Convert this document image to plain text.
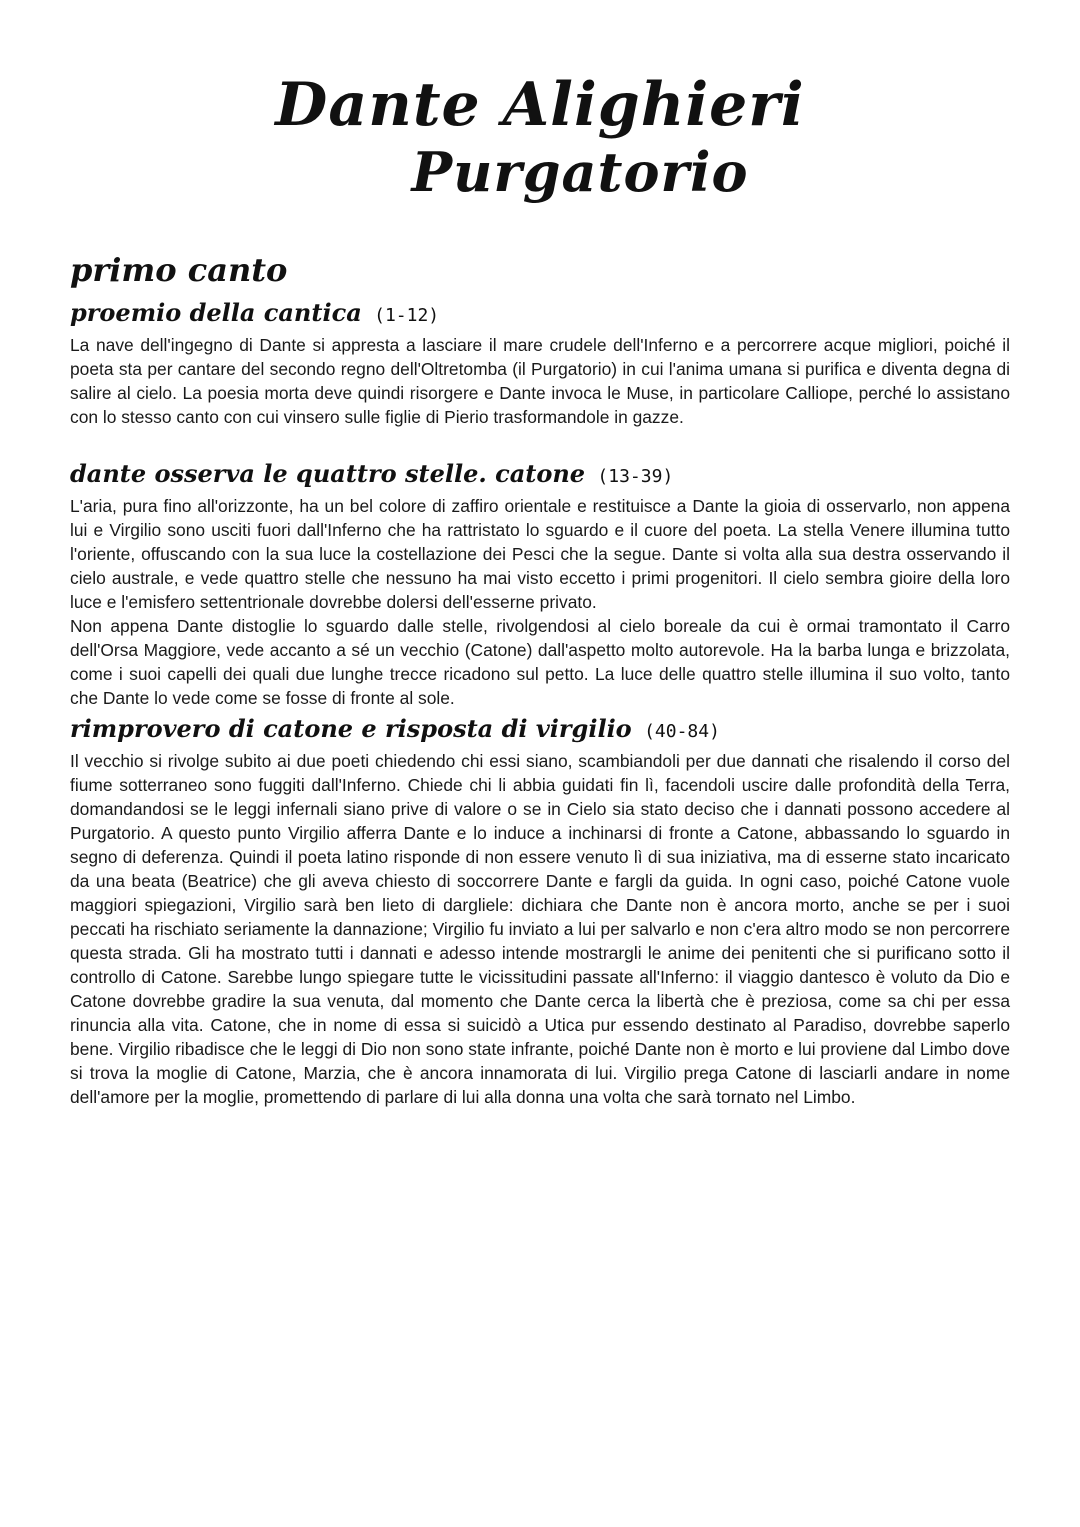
Dante Alighieri
Purgatorio
primo canto
proemio della cantica (1-12)

La nave dell'ingegno di Dante si appresta a lasciare il mare crudele dell'Inferno e a percorrere acque migliori, poiché il poeta sta per cantare del secondo regno dell'Oltretomba (il Purgatorio) in cui l'anima umana si purifica e diventa degna di salire al cielo. La poesia morta deve quindi risorgere e Dante invoca le Muse, in particolare Calliope, perché lo assistano con lo stesso canto con cui vinsero sulle figlie di Pierio trasformandole in gazze.

dante osserva le quattro stelle. catone (13-39)

L'aria, pura fino all'orizzonte, ha un bel colore di zaffiro orientale e restituisce a Dante la gioia di osservarlo, non appena lui e Virgilio sono usciti fuori dall'Inferno che ha rattristato lo sguardo e il cuore del poeta. La stella Venere illumina tutto l'oriente, offuscando con la sua luce la costellazione dei Pesci che la segue. Dante si volta alla sua destra osservando il cielo australe, e vede quattro stelle che nessuno ha mai visto eccetto i primi progenitori. Il cielo sembra gioire della loro luce e l'emisfero settentrionale dovrebbe dolersi dell'esserne privato.

Non appena Dante distoglie lo sguardo dalle stelle, rivolgendosi al cielo boreale da cui è ormai tramontato il Carro dell'Orsa Maggiore, vede accanto a sé un vecchio (Catone) dall'aspetto molto autorevole. Ha la barba lunga e brizzolata, come i suoi capelli dei quali due lunghe trecce ricadono sul petto. La luce delle quattro stelle illumina il suo volto, tanto che Dante lo vede come se fosse di fronte al sole.

rimprovero di catone e risposta di virgilio (40-84)

Il vecchio si rivolge subito ai due poeti chiedendo chi essi siano, scambiandoli per due dannati che risalendo il corso del fiume sotterraneo sono fuggiti dall'Inferno. Chiede chi li abbia guidati fin lì, facendoli uscire dalle profondità della Terra, domandandosi se le leggi infernali siano prive di valore o se in Cielo sia stato deciso che i dannati possono accedere al Purgatorio. A questo punto Virgilio afferra Dante e lo induce a inchinarsi di fronte a Catone, abbassando lo sguardo in segno di deferenza. Quindi il poeta latino risponde di non essere venuto lì di sua iniziativa, ma di esserne stato incaricato da una beata (Beatrice) che gli aveva chiesto di soccorrere Dante e fargli da guida. In ogni caso, poiché Catone vuole maggiori spiegazioni, Virgilio sarà ben lieto di dargliele: dichiara che Dante non è ancora morto, anche se per i suoi peccati ha rischiato seriamente la dannazione; Virgilio fu inviato a lui per salvarlo e non c'era altro modo se non percorrere questa strada. Gli ha mostrato tutti i dannati e adesso intende mostrargli le anime dei penitenti che si purificano sotto il controllo di Catone. Sarebbe lungo spiegare tutte le vicissitudini passate all'Inferno: il viaggio dantesco è voluto da Dio e Catone dovrebbe gradire la sua venuta, dal momento che Dante cerca la libertà che è preziosa, come sa chi per essa rinuncia alla vita. Catone, che in nome di essa si suicidò a Utica pur essendo destinato al Paradiso, dovrebbe saperlo bene. Virgilio ribadisce che le leggi di Dio non sono state infrante, poiché Dante non è morto e lui proviene dal Limbo dove si trova la moglie di Catone, Marzia, che è ancora innamorata di lui. Virgilio prega Catone di lasciarli andare in nome dell'amore per la moglie, promettendo di parlare di lui alla donna una volta che sarà tornato nel Limbo.
